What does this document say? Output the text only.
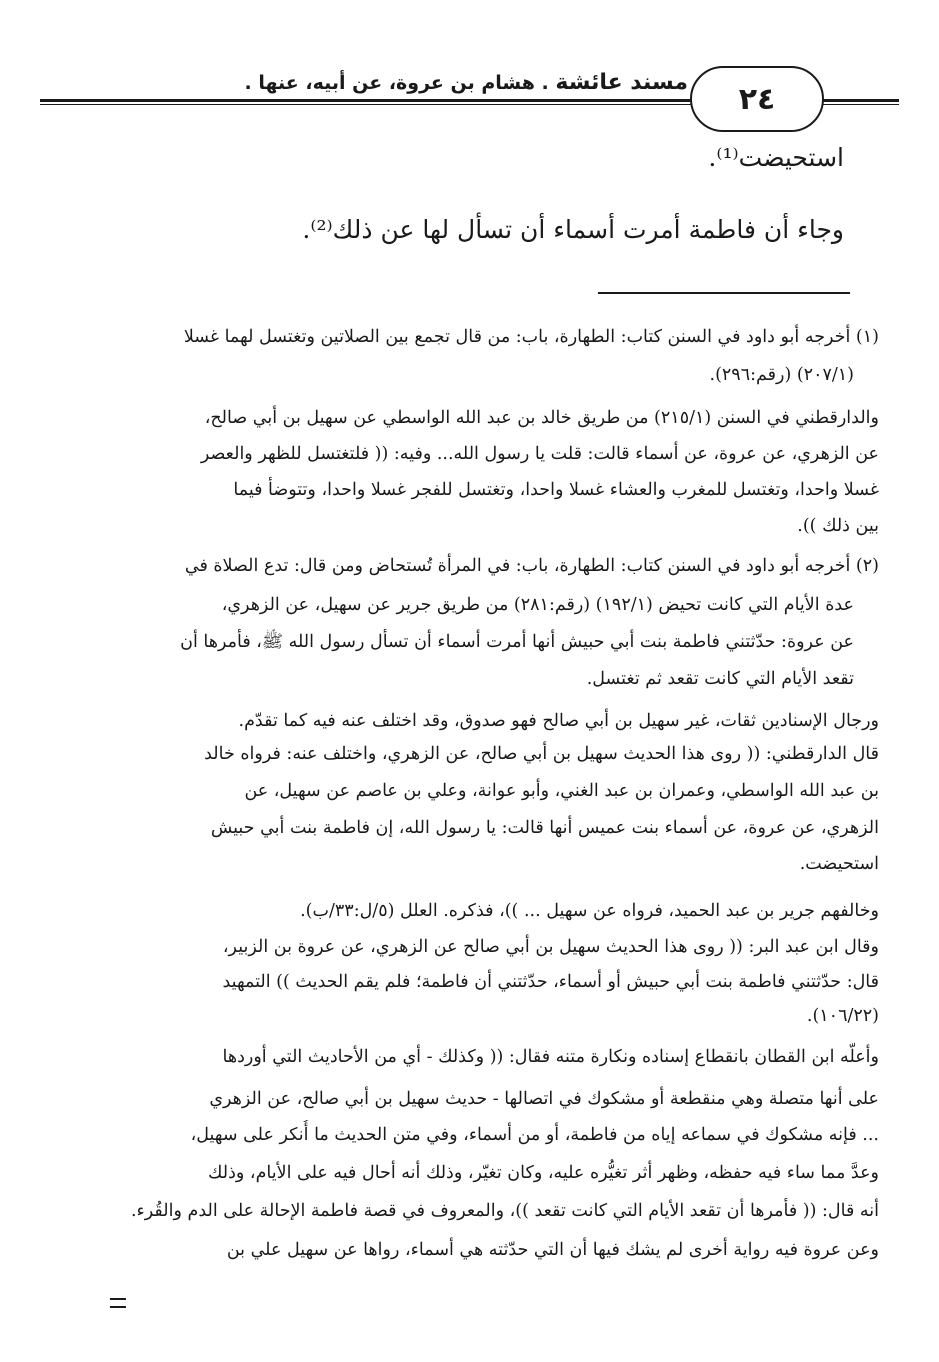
مسند عائشة . هشام بن عروة، عن أبيه، عنها .	٢٤
استحيضت⁽¹⁾.
وجاء أن فاطمة أمرت أسماء أن تسأل لها عن ذلك⁽²⁾.
(١) أخرجه أبو داود في السنن كتاب: الطهارة، باب: من قال تجمع بين الصلاتين وتغتسل لهما غسلا
(٢٠٧/١) (رقم:٢٩٦).
والدارقطني في السنن (٢١٥/١) من طريق خالد بن عبد الله الواسطي عن سهيل بن أبي صالح،
عن الزهري، عن عروة، عن أسماء قالت: قلت يا رسول الله... وفيه: (( فلتغتسل للظهر والعصر
غسلا واحدا، وتغتسل للمغرب والعشاء غسلا واحدا، وتغتسل للفجر غسلا واحدا، وتتوضأ فيما
بين ذلك )).
(٢) أخرجه أبو داود في السنن كتاب: الطهارة، باب: في المرأة تُستحاض ومن قال: تدع الصلاة في
عدة الأيام التي كانت تحيض (١٩٢/١) (رقم:٢٨١) من طريق جرير عن سهيل، عن الزهري،
عن عروة: حدّثتني فاطمة بنت أبي حبيش أنها أمرت أسماء أن تسأل رسول الله ﷺ، فأمرها أن
تقعد الأيام التي كانت تقعد ثم تغتسل.
ورجال الإسنادين ثقات، غير سهيل بن أبي صالح فهو صدوق، وقد اختلف عنه فيه كما تقدّم.
قال الدارقطني: (( روى هذا الحديث سهيل بن أبي صالح، عن الزهري، واختلف عنه: فرواه خالد
بن عبد الله الواسطي، وعمران بن عبد الغني، وأبو عوانة، وعلي بن عاصم عن سهيل، عن
الزهري، عن عروة، عن أسماء بنت عميس أنها قالت: يا رسول الله، إن فاطمة بنت أبي حبيش
استحيضت.
وخالفهم جرير بن عبد الحميد، فرواه عن سهيل ... ))، فذكره. العلل (٥/ل:٣٣/ب).
وقال ابن عبد البر: (( روى هذا الحديث سهيل بن أبي صالح عن الزهري، عن عروة بن الزبير،
قال: حدّثتني فاطمة بنت أبي حبيش أو أسماء، حدّثتني أن فاطمة؛ فلم يقم الحديث )) التمهيد
(١٠٦/٢٢).
وأعلّه ابن القطان بانقطاع إسناده ونكارة متنه فقال: (( وكذلك - أي من الأحاديث التي أوردها
على أنها متصلة وهي منقطعة أو مشكوك في اتصالها - حديث سهيل بن أبي صالح، عن الزهري
... فإنه مشكوك في سماعه إياه من فاطمة، أو من أسماء، وفي متن الحديث ما أُنكر على سهيل،
وعدَّ مما ساء فيه حفظه، وظهر أثر تغيُّره عليه، وكان تغيّر، وذلك أنه أحال فيه على الأيام، وذلك
أنه قال: (( فأمرها أن تقعد الأيام التي كانت تقعد ))، والمعروف في قصة فاطمة الإحالة على الدم والقُرء.
وعن عروة فيه رواية أخرى لم يشك فيها أن التي حدّثته هي أسماء، رواها عن سهيل علي بن
